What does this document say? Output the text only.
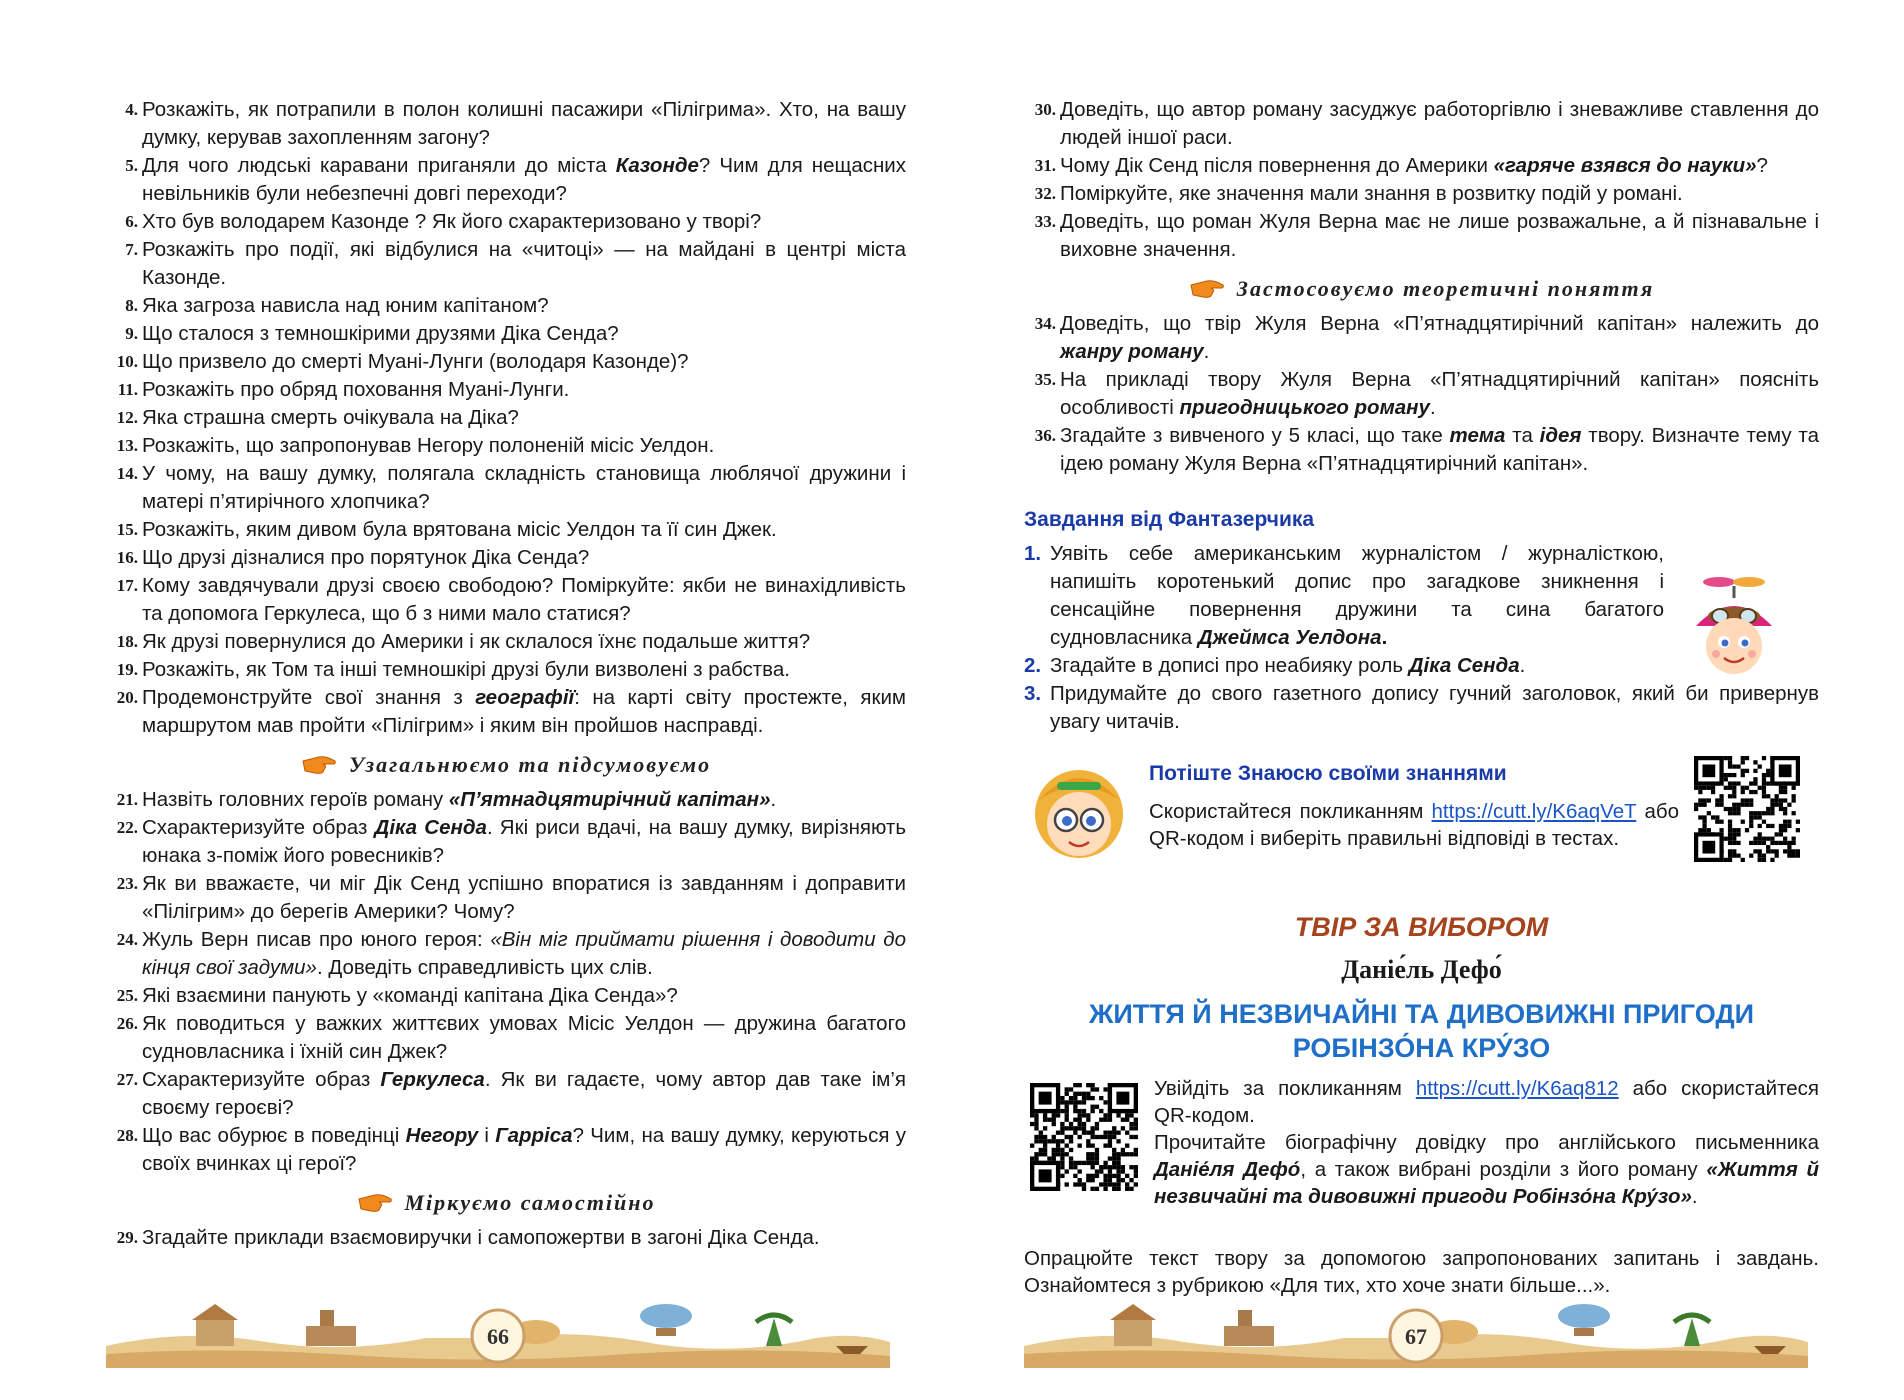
4. Розкажіть, як потрапили в полон колишні пасажири «Пілігрима». Хто, на вашу думку, керував захопленням загону?
5. Для чого людські каравани приганяли до міста Казонде? Чим для нещасних невільників були небезпечні довгі переходи?
6. Хто був володарем Казонде ? Як його схарактеризовано у творі?
7. Розкажіть про події, які відбулися на «читоці» — на майдані в центрі міста Казонде.
8. Яка загроза нависла над юним капітаном?
9. Що сталося з темношкірими друзями Діка Сенда?
10. Що призвело до смерті Муані-Лунги (володаря Казонде)?
11. Розкажіть про обряд поховання Муані-Лунги.
12. Яка страшна смерть очікувала на Діка?
13. Розкажіть, що запропонував Негору полоненій місіс Уелдон.
14. У чому, на вашу думку, полягала складність становища люблячої дружини і матері п’ятирічного хлопчика?
15. Розкажіть, яким дивом була врятована місіс Уелдон та її син Джек.
16. Що друзі дізналися про порятунок Діка Сенда?
17. Кому завдячували друзі своєю свободою? Поміркуйте: якби не винахідливість та допомога Геркулеса, що б з ними мало статися?
18. Як друзі повернулися до Америки і як склалося їхнє подальше життя?
19. Розкажіть, як Том та інші темношкірі друзі були визволені з рабства.
20. Продемонструйте свої знання з географії: на карті світу простежте, яким маршрутом мав пройти «Пілігрим» і яким він пройшов насправді.
Узагальнюємо та підсумовуємо
21. Назвіть головних героїв роману «П’ятнадцятирічний капітан».
22. Схарактеризуйте образ Діка Сенда. Які риси вдачі, на вашу думку, вирізняють юнака з-поміж його ровесників?
23. Як ви вважаєте, чи міг Дік Сенд успішно впоратися із завданням і доправити «Пілігрим» до берегів Америки? Чому?
24. Жуль Верн писав про юного героя: «Він міг приймати рішення і доводити до кінця свої задуми». Доведіть справедливість цих слів.
25. Які взаємини панують у «команді капітана Діка Сенда»?
26. Як поводиться у важких життєвих умовах Місіс Уелдон — дружина багатого судновласника і їхній син Джек?
27. Схарактеризуйте образ Геркулеса. Як ви гадаєте, чому автор дав таке ім’я своєму героєві?
28. Що вас обурює в поведінці Негору і Гарріса? Чим, на вашу думку, керуються у своїх вчинках ці герої?
Міркуємо самостійно
29. Згадайте приклади взаємовиручки і самопожертви в загоні Діка Сенда.
30. Доведіть, що автор роману засуджує работоргівлю і зневажливе ставлення до людей іншої раси.
31. Чому Дік Сенд після повернення до Америки «гаряче взявся до науки»?
32. Поміркуйте, яке значення мали знання в розвитку подій у романі.
33. Доведіть, що роман Жуля Верна має не лише розважальне, а й пізнавальне і виховне значення.
Застосовуємо теоретичні поняття
34. Доведіть, що твір Жуля Верна «П’ятнадцятирічний капітан» належить до жанру роману.
35. На прикладі твору Жуля Верна «П’ятнадцятирічний капітан» поясніть особливості пригодницького роману.
36. Згадайте з вивченого у 5 класі, що таке тема та ідея твору. Визначте тему та ідею роману Жуля Верна «П’ятнадцятирічний капітан».
Завдання від Фантазерчика
1. Уявіть себе американським журналістом / журналісткою, напишіть коротенький допис про загадкове зникнення і сенсаційне повернення дружини та сина багатого судновласника Джеймса Уелдона.
2. Згадайте в дописі про неабияку роль Діка Сенда.
3. Придумайте до свого газетного допису гучний заголовок, який би привернув увагу читачів.
Потіште Знаюсю своїми знаннями
Скористайтеся покликанням https://cutt.ly/K6aqVeT або QR-кодом і виберіть правильні відповіді в тестах.
ТВІР ЗА ВИБОРОМ
Даніе́ль Дефо́
ЖИТТЯ Й НЕЗВИЧАЙНІ ТА ДИВОВИЖНІ ПРИГОДИ
РОБІНЗО́НА КРУ́ЗО
Увійдіть за покликанням https://cutt.ly/K6aq812 або скористайтеся QR-кодом.
Прочитайте біографічну довідку про англійського письменника Даніе́ля Дефо́, а також вибрані розділи з його роману «Життя й незвичайні та дивовижні пригоди Робінзо́на Кру́зо».
Опрацюйте текст твору за допомогою запропонованих запитань і завдань. Ознайомтеся з рубрикою «Для тих, хто хоче знати більше...».
66	67
